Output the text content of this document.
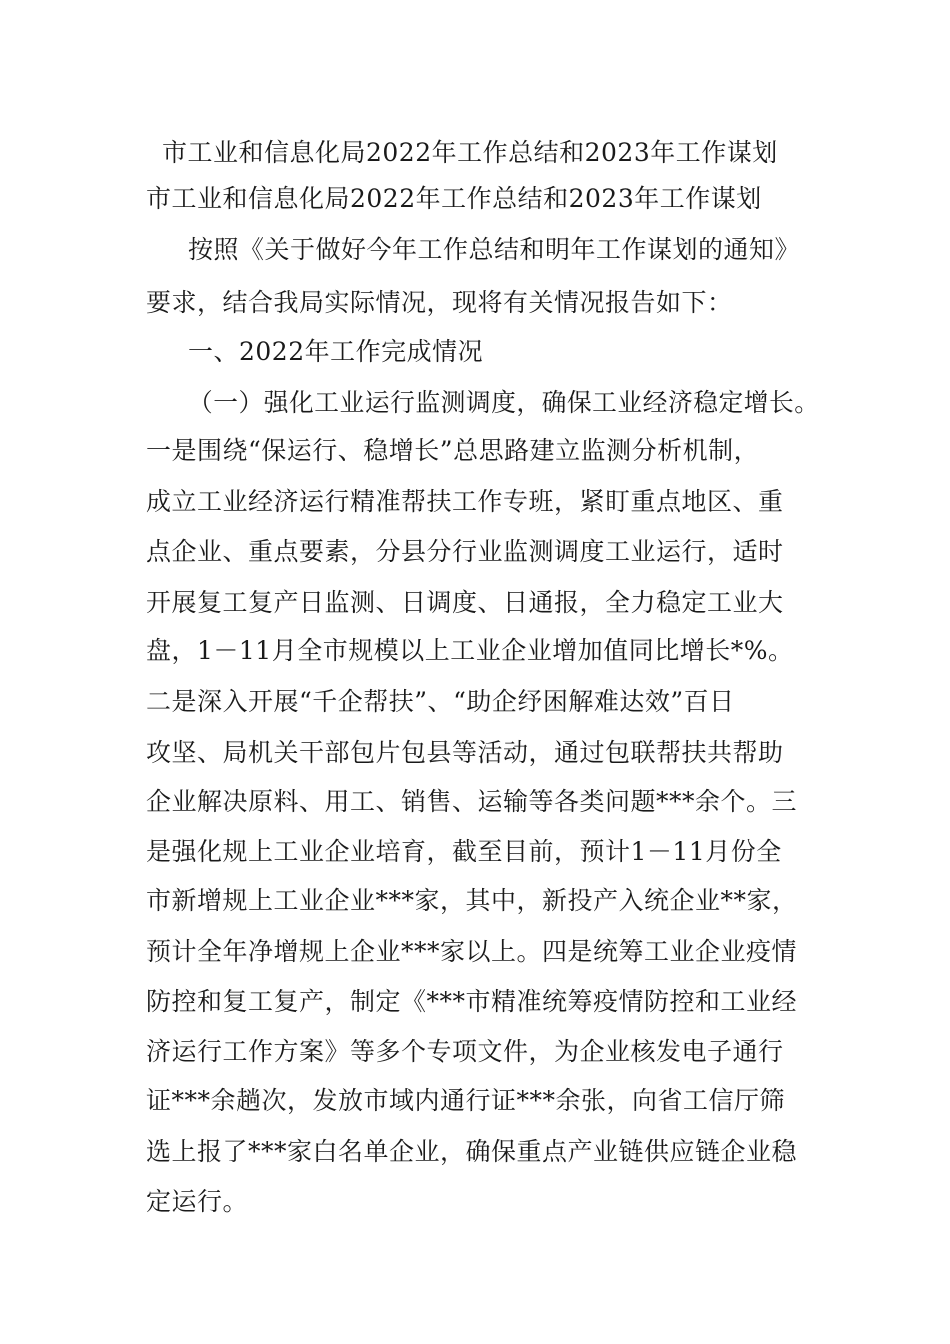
市工业和信息化局2022年工作总结和2023年工作谋划
市工业和信息化局2022年工作总结和2023年工作谋划
按照《关于做好今年工作总结和明年工作谋划的通知》
要求，结合我局实际情况，现将有关情况报告如下：
一、2022年工作完成情况
（一）强化工业运行监测调度，确保工业经济稳定增长。
一是围绕“保运行、稳增长”总思路建立监测分析机制，
成立工业经济运行精准帮扶工作专班，紧盯重点地区、重
点企业、重点要素，分县分行业监测调度工业运行，适时
开展复工复产日监测、日调度、日通报，全力稳定工业大
盘，1－11月全市规模以上工业企业增加值同比增长*%。
二是深入开展“千企帮扶”、“助企纾困解难达效”百日
攻坚、局机关干部包片包县等活动，通过包联帮扶共帮助
企业解决原料、用工、销售、运输等各类问题***余个。三
是强化规上工业企业培育，截至目前，预计1－11月份全
市新增规上工业企业***家，其中，新投产入统企业**家，
预计全年净增规上企业***家以上。四是统筹工业企业疫情
防控和复工复产，制定《***市精准统筹疫情防控和工业经
济运行工作方案》等多个专项文件，为企业核发电子通行
证***余趟次，发放市域内通行证***余张，向省工信厅筛
选上报了***家白名单企业，确保重点产业链供应链企业稳
定运行。
